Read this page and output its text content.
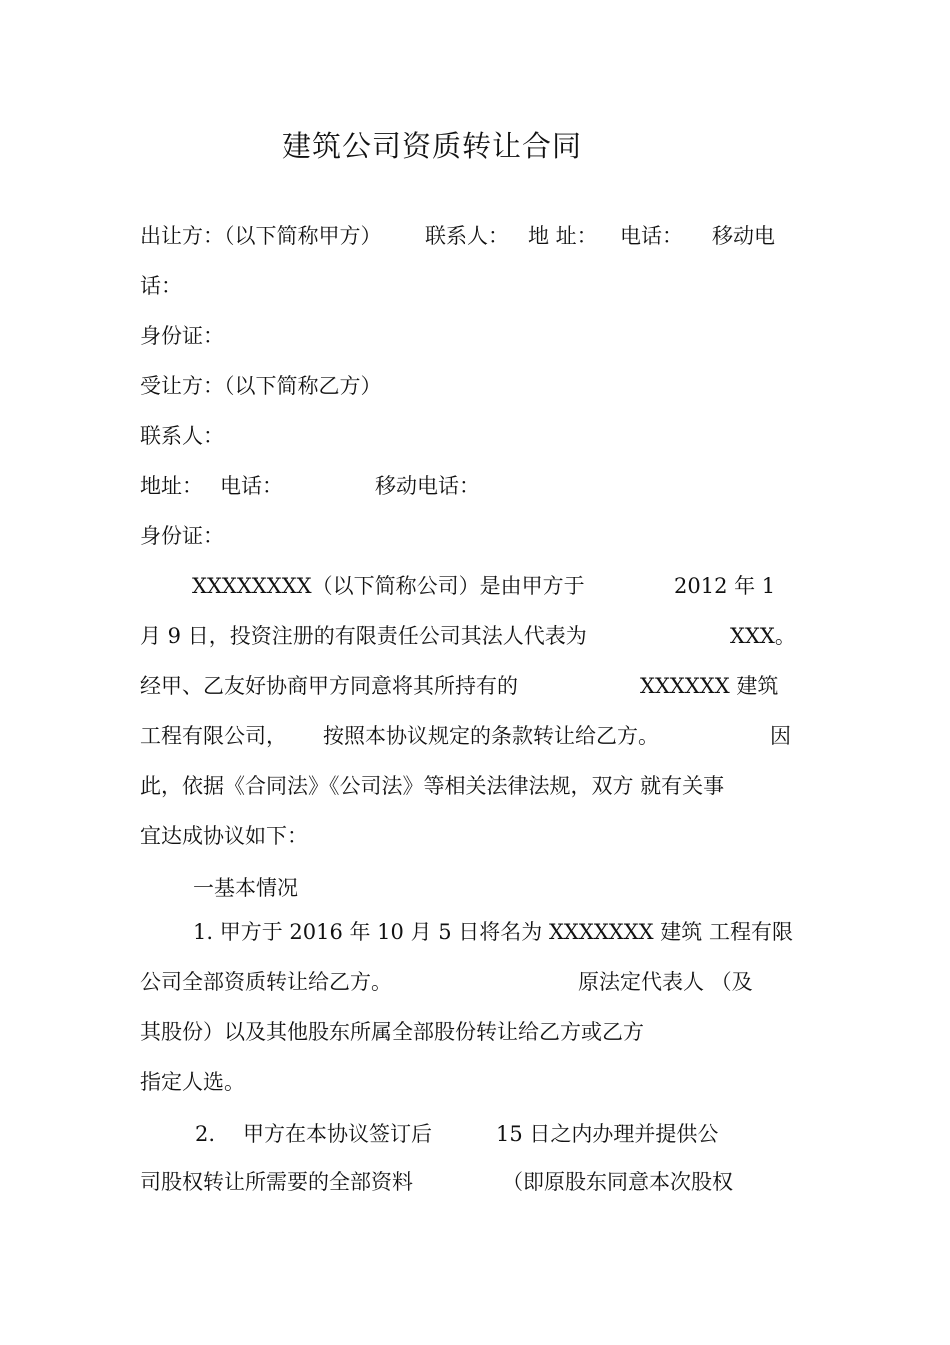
建筑公司资质转让合同
出让方：（以下简称甲方） 联系人： 地 址： 电话： 移动电
话：
身份证：
受让方：（以下简称乙方）
联系人：
地址： 电话：	移动电话：
身份证：
XXXXXXXX（以下简称公司）是由甲方于	2012 年 1
月 9 日，投资注册的有限责任公司其法人代表为	XXX。
经甲、乙友好协商甲方同意将其所持有的	XXXXXX 建筑
工程有限公司， 按照本协议规定的条款转让给乙方。	因
此，依据《合同法》《公司法》等相关法律法规，双方 就有关事
宜达成协议如下：
一基本情况
1. 甲方于 2016 年 10 月 5 日将名为 XXXXXXX 建筑 工程有限
公司全部资质转让给乙方。	原法定代表人 （及
其股份）以及其他股东所属全部股份转让给乙方或乙方
指定人选。
2. 甲方在本协议签订后	15 日之内办理并提供公
司股权转让所需要的全部资料	（即原股东同意本次股权
